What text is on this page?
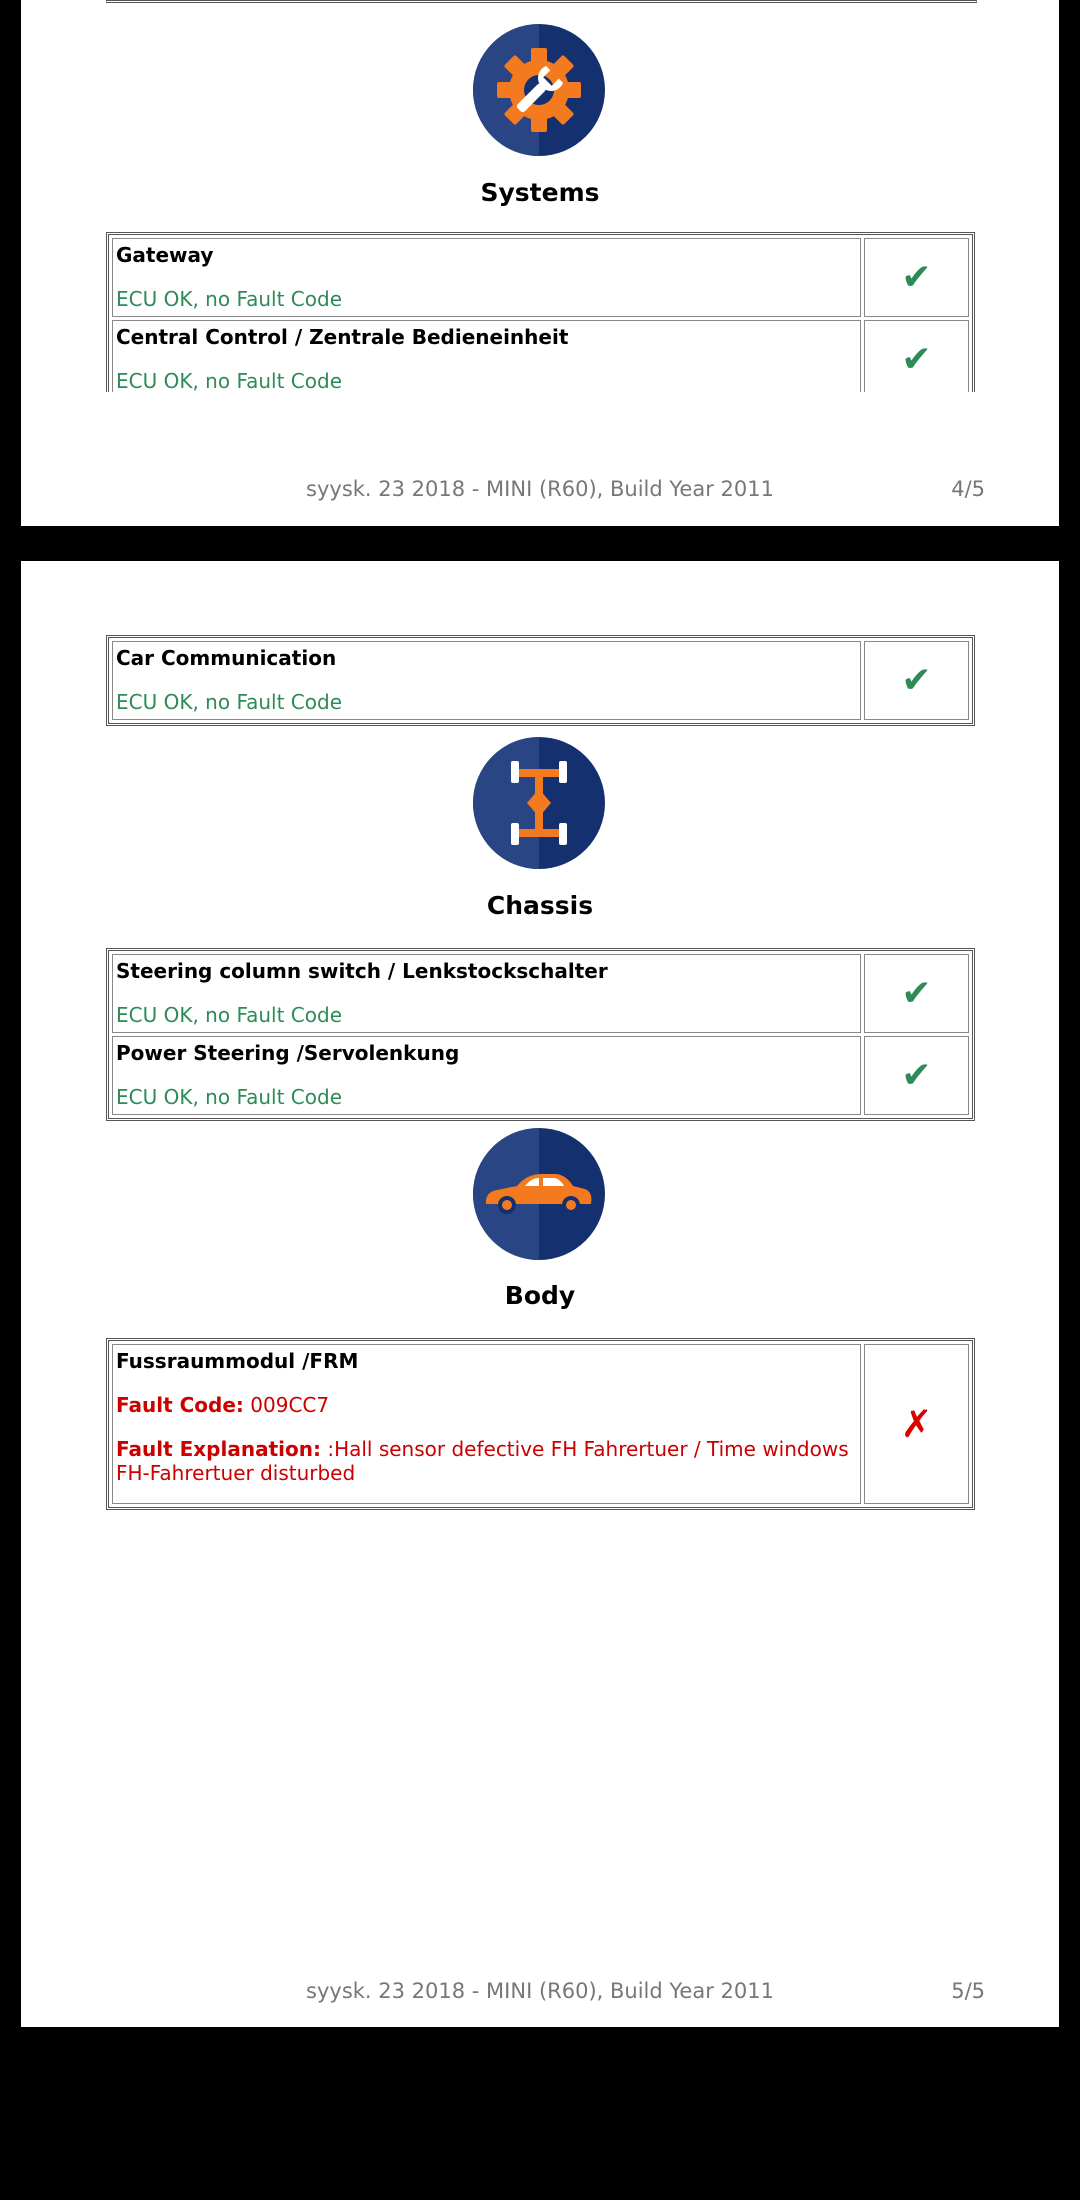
Systems
Gateway
ECU OK, no Fault Code	✔

Central Control / Zentrale Bedieneinheit
ECU OK, no Fault Code	✔
syysk. 23 2018 - MINI (R60), Build Year 2011	4/5
Car Communication
ECU OK, no Fault Code
	✔
Chassis
Steering column switch / Lenkstockschalter
ECU OK, no Fault Code	✔

Power Steering /Servolenkung
ECU OK, no Fault Code	✔
Body
Fussraummodul /FRM
Fault Code: 009CC7
Fault Explanation: :Hall sensor defective FH Fahrertuer / Time windows FH-Fahrertuer disturbed
	✗
syysk. 23 2018 - MINI (R60), Build Year 2011	5/5
